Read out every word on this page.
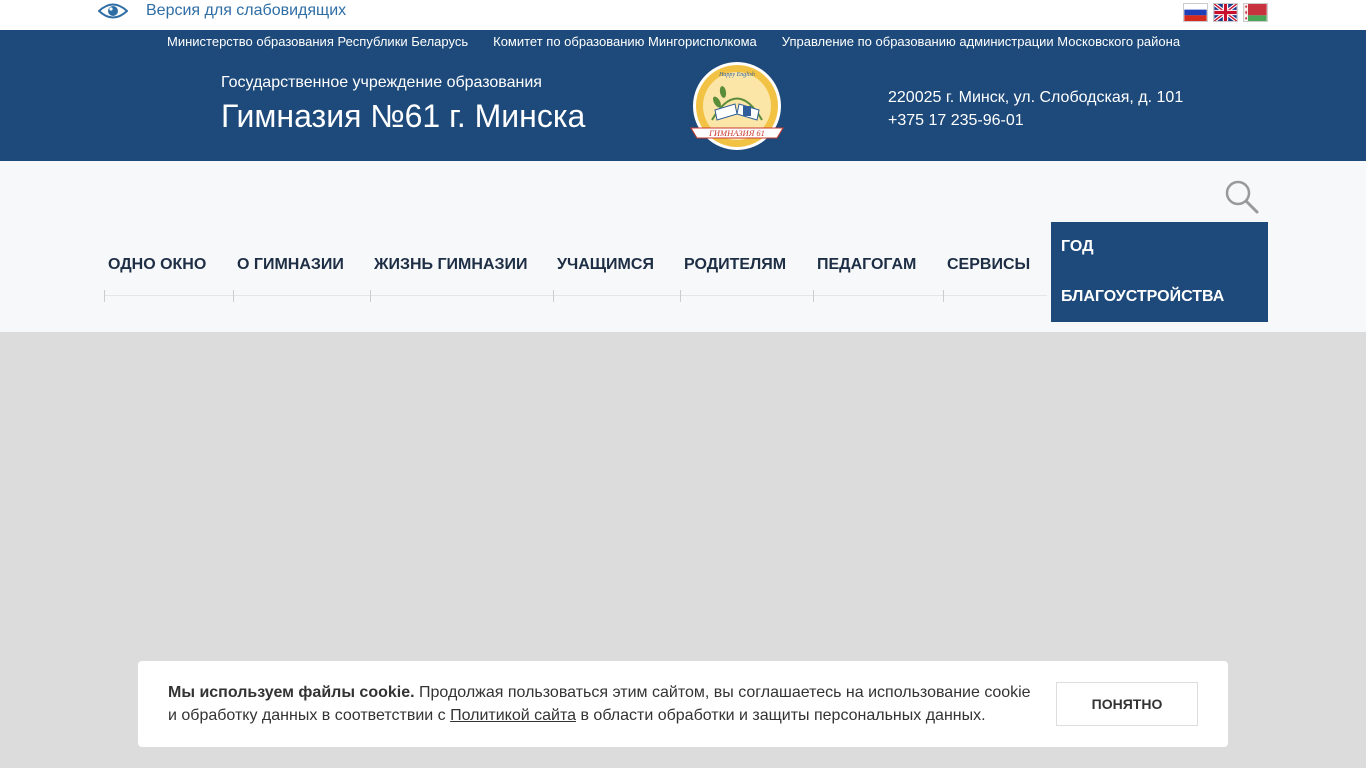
Версия для слабовидящих
Министерство образования Республики Беларусь Комитет по образованию Мингорисполкома Управление по образованию администрации Московского района
Государственное учреждение образования
Гимназия №61 г. Минска	ГИМНАЗИЯ 61
Happy English
220025 г. Минск, ул. Слободская, д. 101
+375 17 235-96-01
ОДНО ОКНО	О ГИМНАЗИИ	ЖИЗНЬ ГИМНАЗИИ	УЧАЩИМСЯ	РОДИТЕЛЯМ	ПЕДАГОГАМ	СЕРВИСЫ
ГОД
БЛАГОУСТРОЙСТВА
Мы используем файлы cookie. Продолжая пользоваться этим сайтом, вы соглашаетесь на использование cookie и обработку данных в соответствии с Политикой сайта в области обработки и защиты персональных данных.
ПОНЯТНО
